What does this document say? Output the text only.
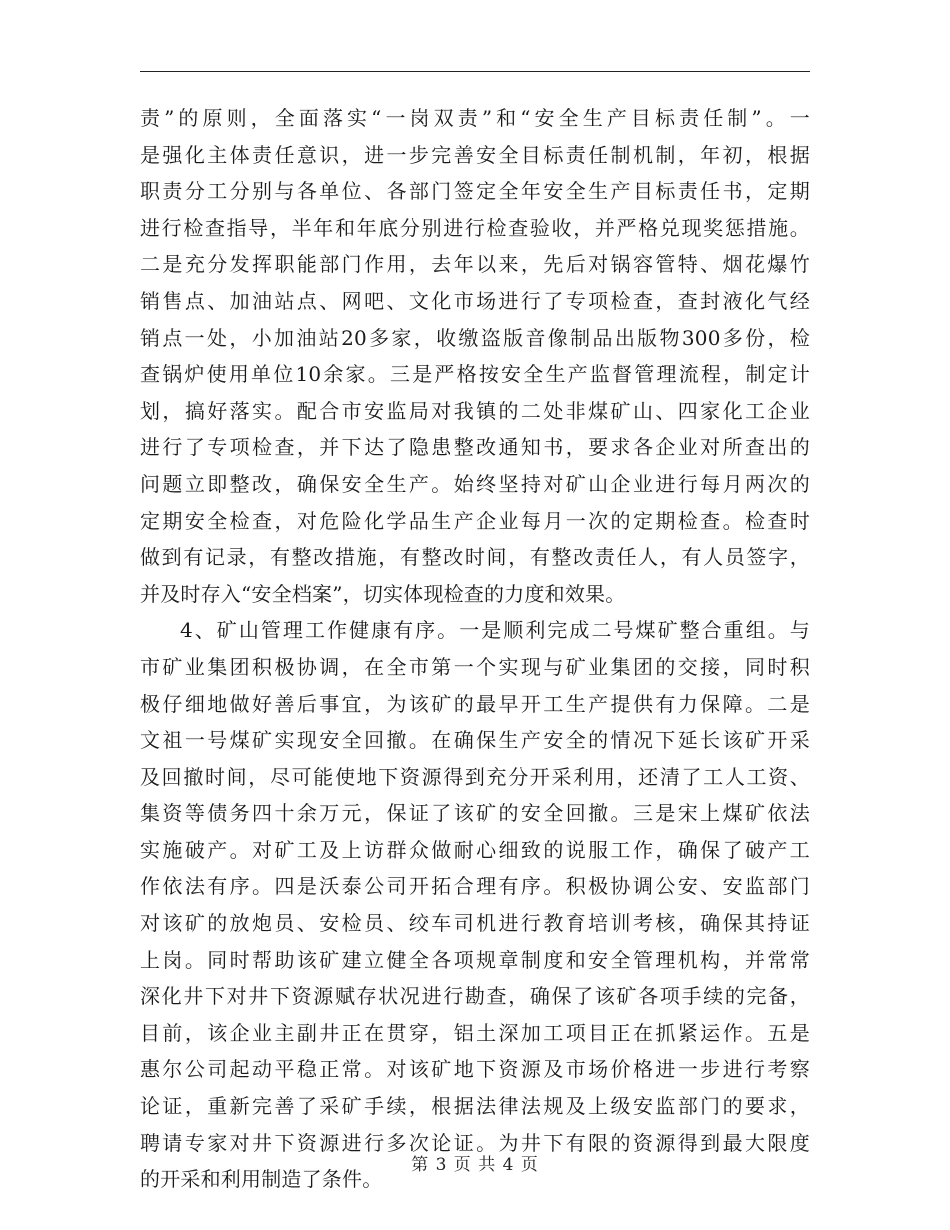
责”的原则，全面落实“一岗双责”和“安全生产目标责任制”。一
是强化主体责任意识，进一步完善安全目标责任制机制，年初，根据
职责分工分别与各单位、各部门签定全年安全生产目标责任书，定期
进行检查指导，半年和年底分别进行检查验收，并严格兑现奖惩措施。
二是充分发挥职能部门作用，去年以来，先后对锅容管特、烟花爆竹
销售点、加油站点、网吧、文化市场进行了专项检查，查封液化气经
销点一处，小加油站20多家，收缴盗版音像制品出版物300多份，检
查锅炉使用单位10余家。三是严格按安全生产监督管理流程，制定计
划，搞好落实。配合市安监局对我镇的二处非煤矿山、四家化工企业
进行了专项检查，并下达了隐患整改通知书，要求各企业对所查出的
问题立即整改，确保安全生产。始终坚持对矿山企业进行每月两次的
定期安全检查，对危险化学品生产企业每月一次的定期检查。检查时
做到有记录，有整改措施，有整改时间，有整改责任人，有人员签字，
并及时存入“安全档案”，切实体现检查的力度和效果。
4、矿山管理工作健康有序。一是顺利完成二号煤矿整合重组。与
市矿业集团积极协调，在全市第一个实现与矿业集团的交接，同时积
极仔细地做好善后事宜，为该矿的最早开工生产提供有力保障。二是
文祖一号煤矿实现安全回撤。在确保生产安全的情况下延长该矿开采
及回撤时间，尽可能使地下资源得到充分开采利用，还清了工人工资、
集资等债务四十余万元，保证了该矿的安全回撤。三是宋上煤矿依法
实施破产。对矿工及上访群众做耐心细致的说服工作，确保了破产工
作依法有序。四是沃泰公司开拓合理有序。积极协调公安、安监部门
对该矿的放炮员、安检员、绞车司机进行教育培训考核，确保其持证
上岗。同时帮助该矿建立健全各项规章制度和安全管理机构，并常常
深化井下对井下资源赋存状况进行勘查，确保了该矿各项手续的完备，
目前，该企业主副井正在贯穿，铝土深加工项目正在抓紧运作。五是
惠尔公司起动平稳正常。对该矿地下资源及市场价格进一步进行考察
论证，重新完善了采矿手续，根据法律法规及上级安监部门的要求，
聘请专家对井下资源进行多次论证。为井下有限的资源得到最大限度
的开采和利用制造了条件。
第 3 页 共 4 页
